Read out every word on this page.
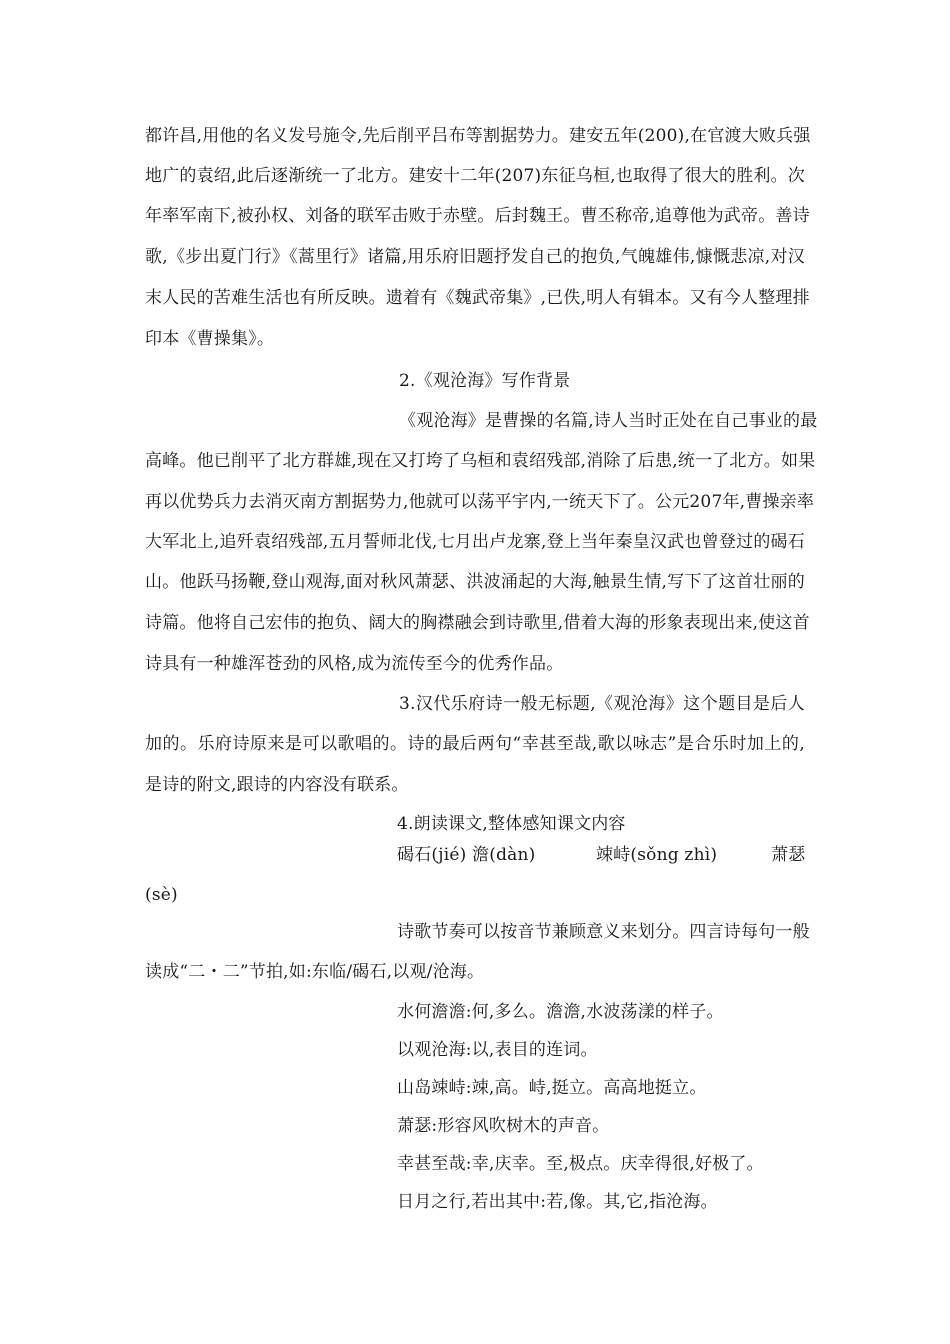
都许昌,用他的名义发号施令,先后削平吕布等割据势力。建安五年(200),在官渡大败兵强
地广的袁绍,此后逐渐统一了北方。建安十二年(207)东征乌桓,也取得了很大的胜利。次
年率军南下,被孙权、刘备的联军击败于赤壁。后封魏王。曹丕称帝,追尊他为武帝。善诗
歌,《步出夏门行》《蒿里行》诸篇,用乐府旧题抒发自己的抱负,气魄雄伟,慷慨悲凉,对汉
末人民的苦难生活也有所反映。遗着有《魏武帝集》,已佚,明人有辑本。又有今人整理排
印本《曹操集》。
2.《观沧海》写作背景
《观沧海》是曹操的名篇,诗人当时正处在自己事业的最
高峰。他已削平了北方群雄,现在又打垮了乌桓和袁绍残部,消除了后患,统一了北方。如果
再以优势兵力去消灭南方割据势力,他就可以荡平宇内,一统天下了。公元207年,曹操亲率
大军北上,追歼袁绍残部,五月誓师北伐,七月出卢龙寨,登上当年秦皇汉武也曾登过的碣石
山。他跃马扬鞭,登山观海,面对秋风萧瑟、洪波涌起的大海,触景生情,写下了这首壮丽的
诗篇。他将自己宏伟的抱负、阔大的胸襟融会到诗歌里,借着大海的形象表现出来,使这首
诗具有一种雄浑苍劲的风格,成为流传至今的优秀作品。
3.汉代乐府诗一般无标题,《观沧海》这个题目是后人
加的。乐府诗原来是可以歌唱的。诗的最后两句“幸甚至哉,歌以咏志”是合乐时加上的,
是诗的附文,跟诗的内容没有联系。
4.朗读课文,整体感知课文内容
碣石(jié) 澹(dàn)	竦峙(sǒng zhì)	萧瑟
(sè)
诗歌节奏可以按音节兼顾意义来划分。四言诗每句一般
读成“二・二”节拍,如:东临/碣石,以观/沧海。
水何澹澹:何,多么。澹澹,水波荡漾的样子。
以观沧海:以,表目的连词。
山岛竦峙:竦,高。峙,挺立。高高地挺立。
萧瑟:形容风吹树木的声音。
幸甚至哉:幸,庆幸。至,极点。庆幸得很,好极了。
日月之行,若出其中:若,像。其,它,指沧海。
